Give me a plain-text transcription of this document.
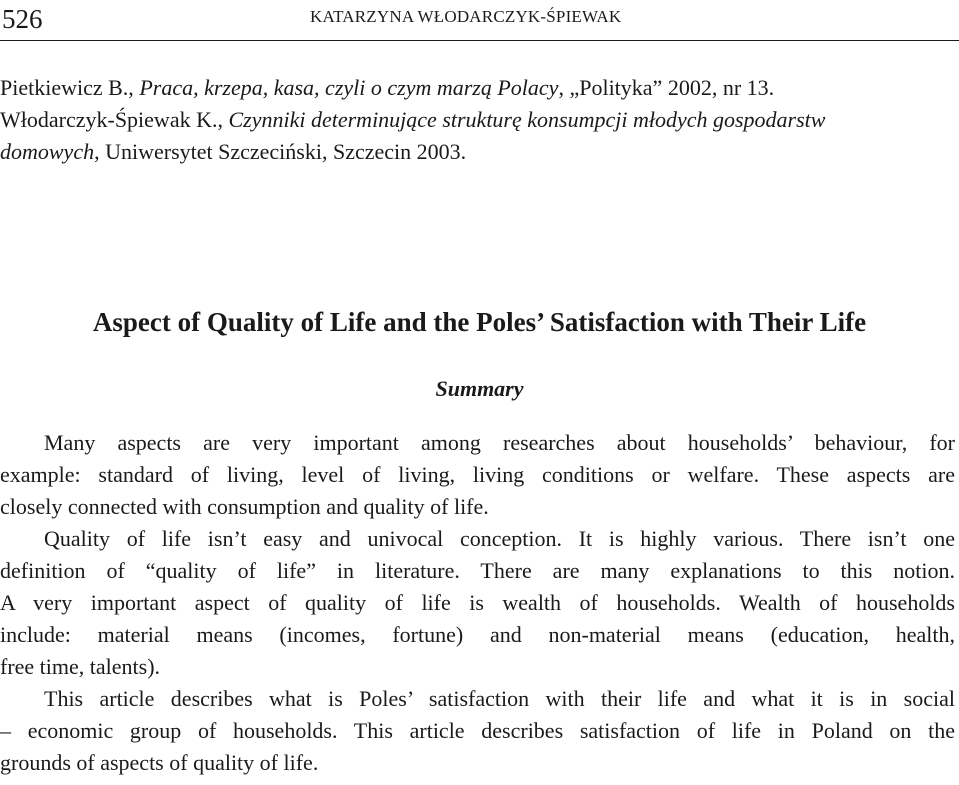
526	KATARZYNA WŁODARCZYK-ŚPIEWAK

Pietkiewicz B., Praca, krzepa, kasa, czyli o czym marzą Polacy, „Polityka” 2002, nr 13.

Włodarczyk-Śpiewak K., Czynniki determinujące strukturę konsumpcji młodych gospodarstw
domowych, Uniwersytet Szczeciński, Szczecin 2003.

Aspect of Quality of Life and the Poles’ Satisfaction with Their Life
Summary
Many aspects are very important among researches about households’ behaviour, for
example: standard of living, level of living, living conditions or welfare. These aspects are
closely connected with consumption and quality of life.
Quality of life isn’t easy and univocal conception. It is highly various. There isn’t one
definition of “quality of life” in literature. There are many explanations to this notion.
A very important aspect of quality of life is wealth of households. Wealth of households
include: material means (incomes, fortune) and non-material means (education, health,
free time, talents).
This article describes what is Poles’ satisfaction with their life and what it is in social
– economic group of households. This article describes satisfaction of life in Poland on the
grounds of aspects of quality of life.
